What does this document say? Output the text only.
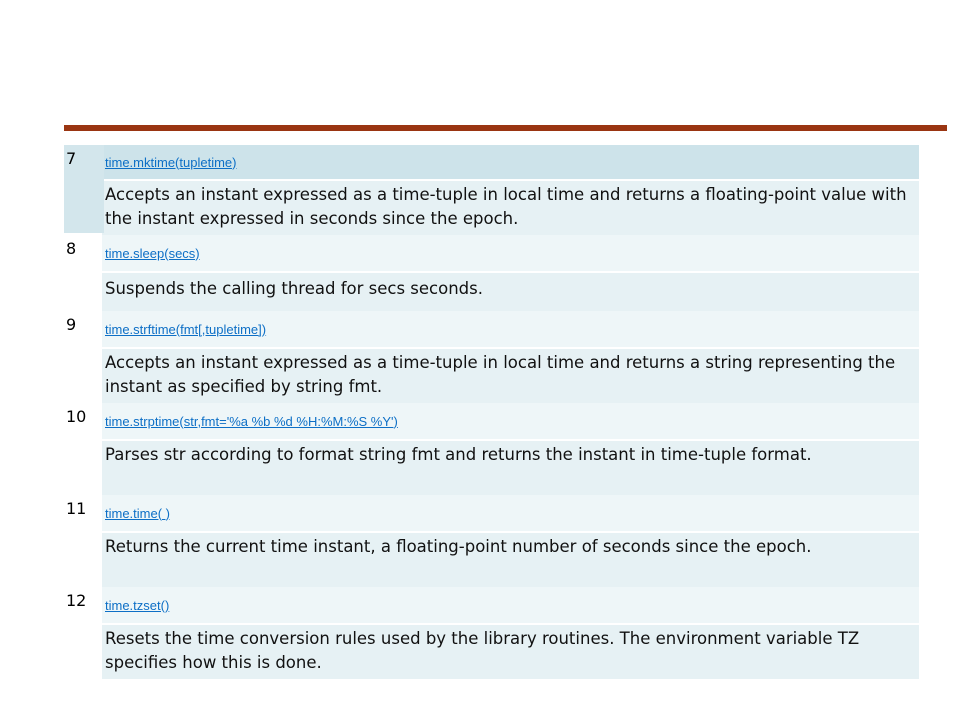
7	time.mktime(tupletime)
Accepts an instant expressed as a time-tuple in local time and returns a floating-point value with the instant expressed in seconds since the epoch.
8	time.sleep(secs)
Suspends the calling thread for secs seconds.
9	time.strftime(fmt[,tupletime])
Accepts an instant expressed as a time-tuple in local time and returns a string representing the instant as specified by string fmt.
10	time.strptime(str,fmt='%a %b %d %H:%M:%S %Y')
Parses str according to format string fmt and returns the instant in time-tuple format.
11	time.time( )
Returns the current time instant, a floating-point number of seconds since the epoch.
12	time.tzset()
Resets the time conversion rules used by the library routines. The environment variable TZ specifies how this is done.
